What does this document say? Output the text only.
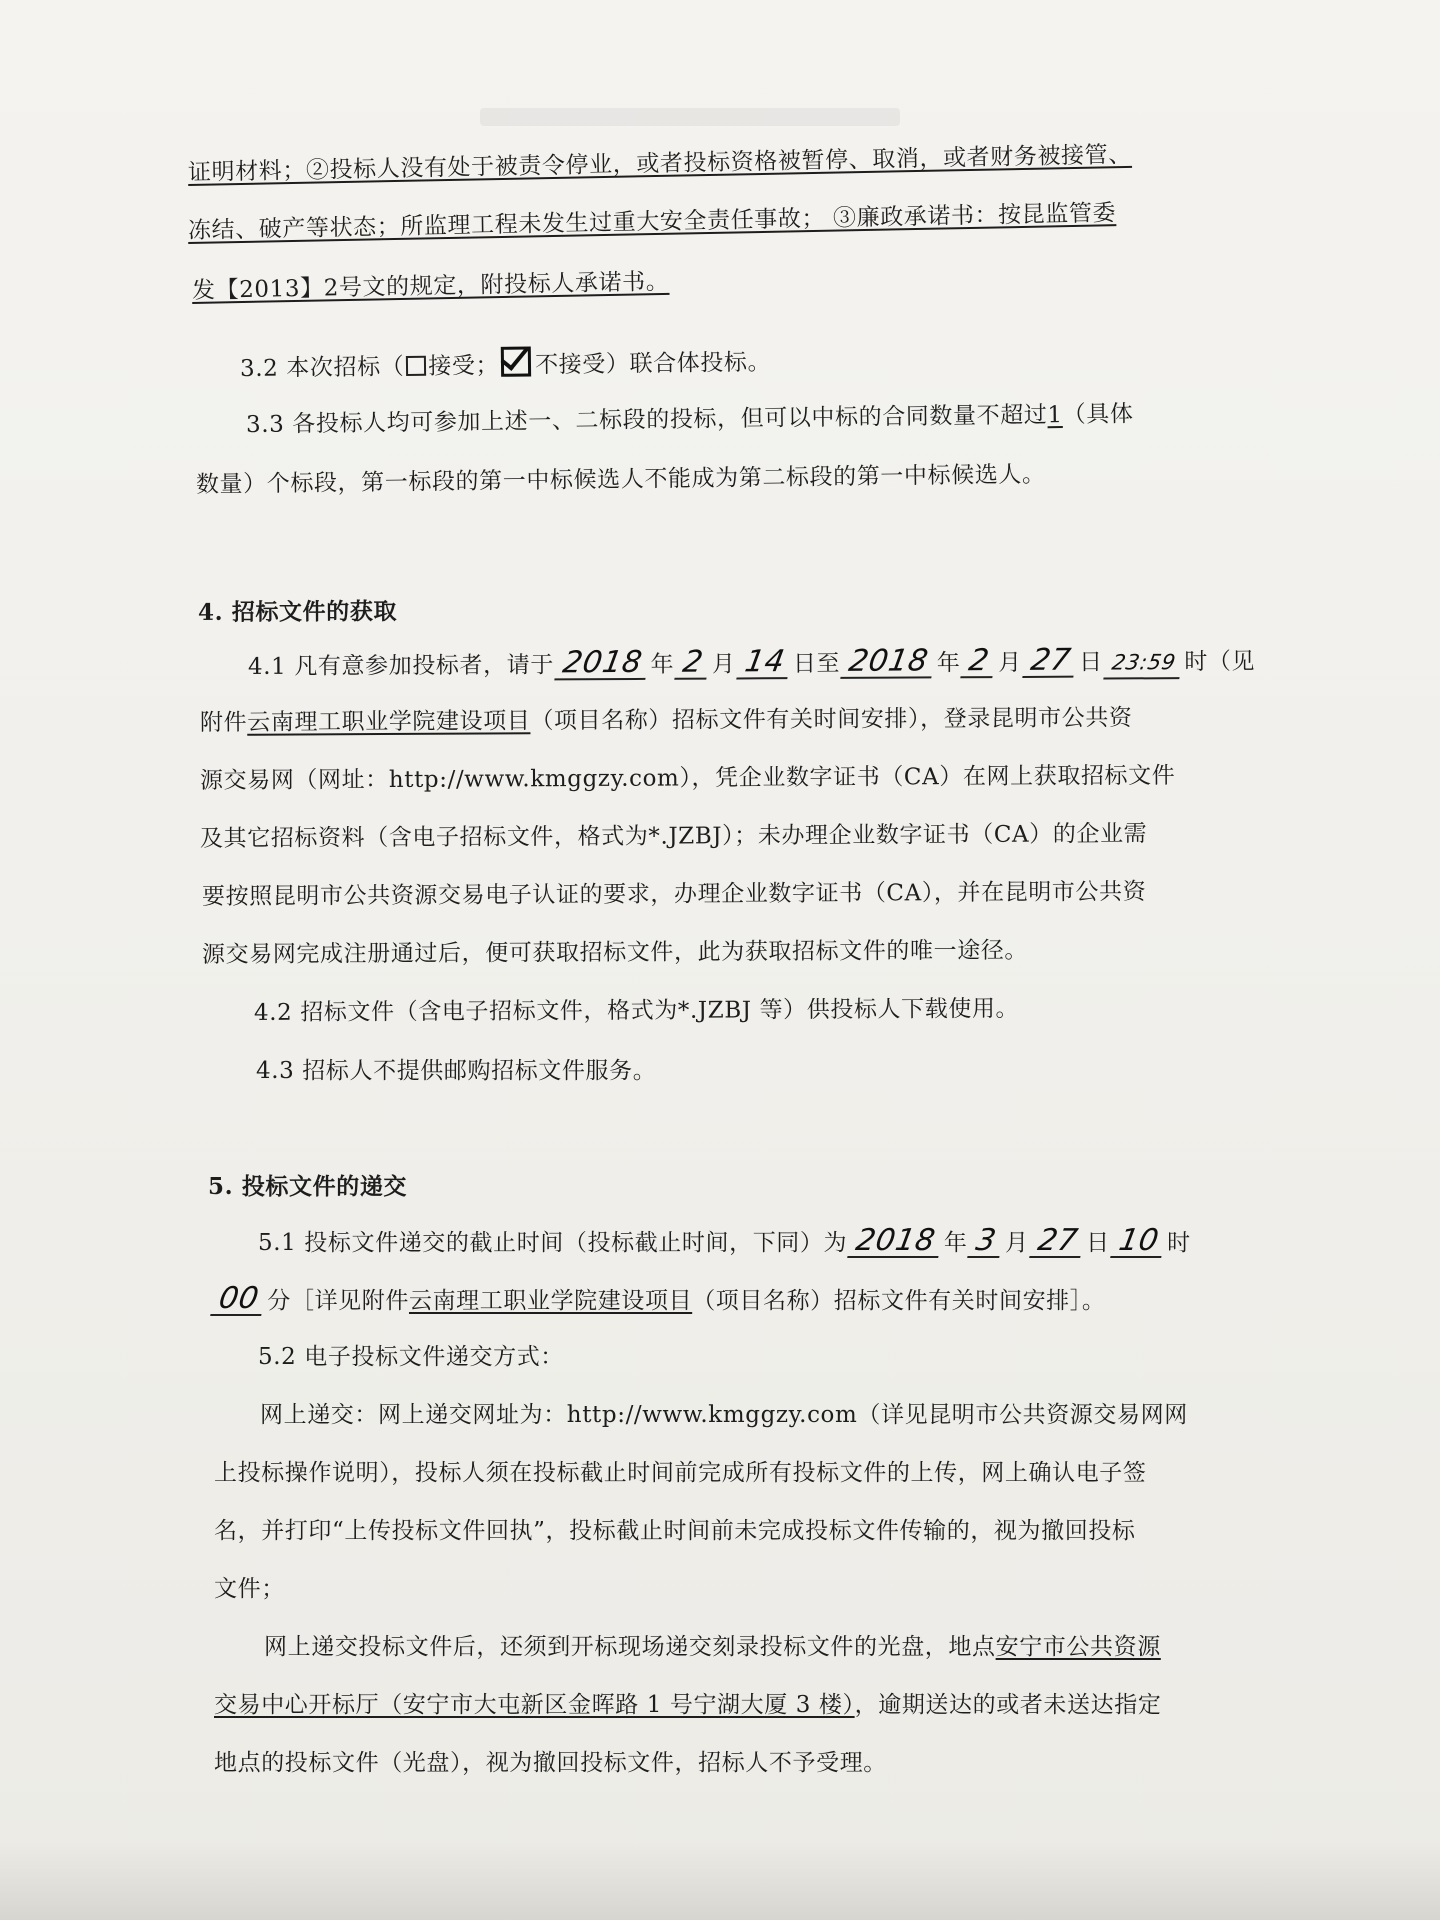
证明材料；②投标人没有处于被责令停业，或者投标资格被暂停、取消，或者财务被接管、
冻结、破产等状态；所监理工程未发生过重大安全责任事故； ③廉政承诺书：按昆监管委
发【2013】2号文的规定，附投标人承诺书。
3.2 本次招标（ 接受； 不接受）联合体投标。
3.3 各投标人均可参加上述一、二标段的投标，但可以中标的合同数量不超过1（具体
数量）个标段，第一标段的第一中标候选人不能成为第二标段的第一中标候选人。
4. 招标文件的获取
4.1 凡有意参加投标者，请于 2018 年 2 月 14 日至 2018 年 2 月 27 日 23:59 时（见
附件云南理工职业学院建设项目（项目名称）招标文件有关时间安排），登录昆明市公共资
源交易网（网址：http://www.kmggzy.com），凭企业数字证书（CA）在网上获取招标文件
及其它招标资料（含电子招标文件，格式为*.JZBJ）；未办理企业数字证书（CA）的企业需
要按照昆明市公共资源交易电子认证的要求，办理企业数字证书（CA），并在昆明市公共资
源交易网完成注册通过后，便可获取招标文件，此为获取招标文件的唯一途径。
4.2 招标文件（含电子招标文件，格式为*.JZBJ 等）供投标人下载使用。
4.3 招标人不提供邮购招标文件服务。
5. 投标文件的递交
5.1 投标文件递交的截止时间（投标截止时间，下同）为 2018 年 3 月 27 日 10 时
00 分［详见附件云南理工职业学院建设项目（项目名称）招标文件有关时间安排］。
5.2 电子投标文件递交方式：
网上递交：网上递交网址为：http://www.kmggzy.com（详见昆明市公共资源交易网网
上投标操作说明），投标人须在投标截止时间前完成所有投标文件的上传，网上确认电子签
名，并打印“上传投标文件回执”，投标截止时间前未完成投标文件传输的，视为撤回投标
文件；
网上递交投标文件后，还须到开标现场递交刻录投标文件的光盘，地点安宁市公共资源
交易中心开标厅（安宁市大屯新区金晖路 1 号宁湖大厦 3 楼），逾期送达的或者未送达指定
地点的投标文件（光盘），视为撤回投标文件，招标人不予受理。
